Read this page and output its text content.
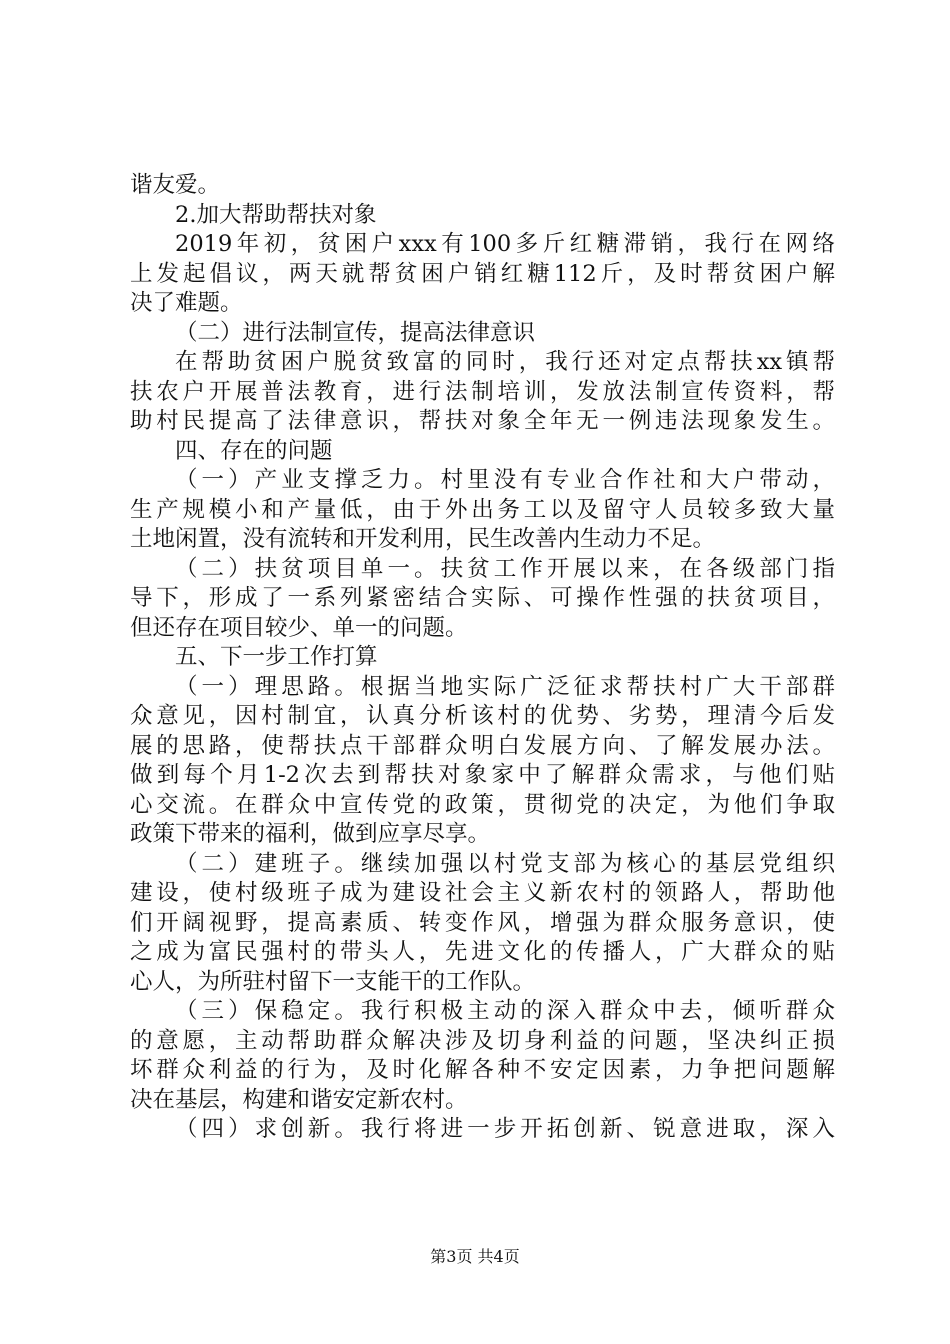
谐友爱。
2.加大帮助帮扶对象
2019年初，贫困户xxx有100多斤红糖滞销，我行在网络
上发起倡议，两天就帮贫困户销红糖112斤，及时帮贫困户解
决了难题。
（二）进行法制宣传，提高法律意识
在帮助贫困户脱贫致富的同时，我行还对定点帮扶xx镇帮
扶农户开展普法教育，进行法制培训，发放法制宣传资料，帮
助村民提高了法律意识，帮扶对象全年无一例违法现象发生。
四、存在的问题
（一）产业支撑乏力。村里没有专业合作社和大户带动，
生产规模小和产量低，由于外出务工以及留守人员较多致大量
土地闲置，没有流转和开发利用，民生改善内生动力不足。
（二）扶贫项目单一。扶贫工作开展以来，在各级部门指
导下，形成了一系列紧密结合实际、可操作性强的扶贫项目，
但还存在项目较少、单一的问题。
五、下一步工作打算
（一）理思路。根据当地实际广泛征求帮扶村广大干部群
众意见，因村制宜，认真分析该村的优势、劣势，理清今后发
展的思路，使帮扶点干部群众明白发展方向、了解发展办法。
做到每个月1-2次去到帮扶对象家中了解群众需求，与他们贴
心交流。在群众中宣传党的政策，贯彻党的决定，为他们争取
政策下带来的福利，做到应享尽享。
（二）建班子。继续加强以村党支部为核心的基层党组织
建设，使村级班子成为建设社会主义新农村的领路人，帮助他
们开阔视野，提高素质、转变作风，增强为群众服务意识，使
之成为富民强村的带头人，先进文化的传播人，广大群众的贴
心人，为所驻村留下一支能干的工作队。
（三）保稳定。我行积极主动的深入群众中去，倾听群众
的意愿，主动帮助群众解决涉及切身利益的问题，坚决纠正损
坏群众利益的行为，及时化解各种不安定因素，力争把问题解
决在基层，构建和谐安定新农村。
（四）求创新。我行将进一步开拓创新、锐意进取，深入
第3页 共4页
